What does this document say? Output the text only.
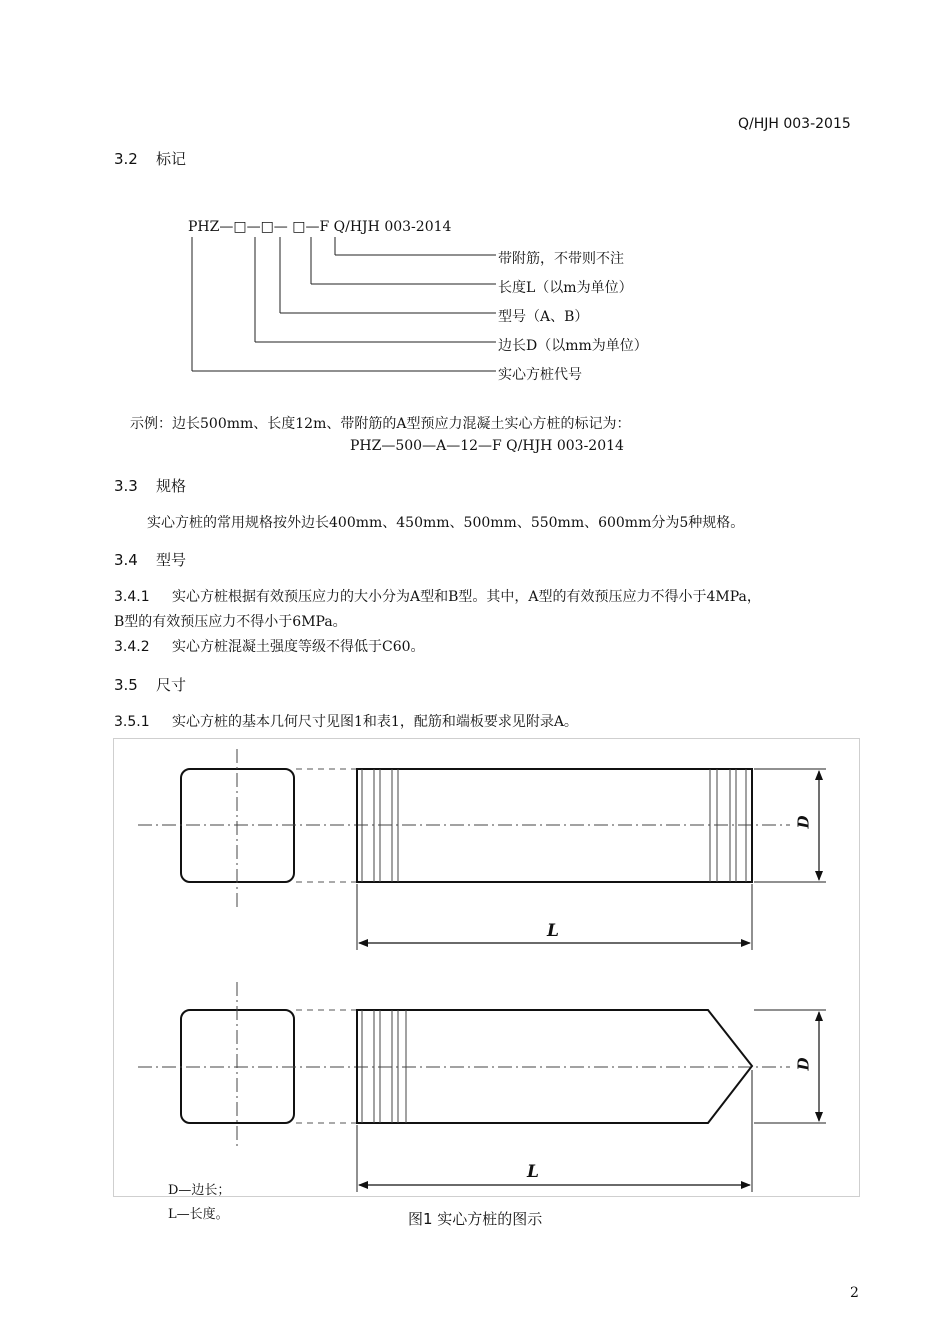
Q/HJH 003-2015
3.2 标记
PHZ—□—□— □—F Q/HJH 003-2014
带附筋，不带则不注
长度L（以m为单位）
型号（A、B）
边长D（以mm为单位）
实心方桩代号
示例：边长500mm、长度12m、带附筋的A型预应力混凝土实心方桩的标记为：
PHZ—500—A—12—F Q/HJH 003-2014
3.3 规格
实心方桩的常用规格按外边长400mm、450mm、500mm、550mm、600mm分为5种规格。
3.4 型号
3.4.1 实心方桩根据有效预压应力的大小分为A型和B型。其中，A型的有效预压应力不得小于4MPa，
B型的有效预压应力不得小于6MPa。
3.4.2 实心方桩混凝土强度等级不得低于C60。
3.5 尺寸
3.5.1 实心方桩的基本几何尺寸见图1和表1，配筋和端板要求见附录A。
D
L
D
L
D—边长；
L—长度。	图1 实心方桩的图示
2
